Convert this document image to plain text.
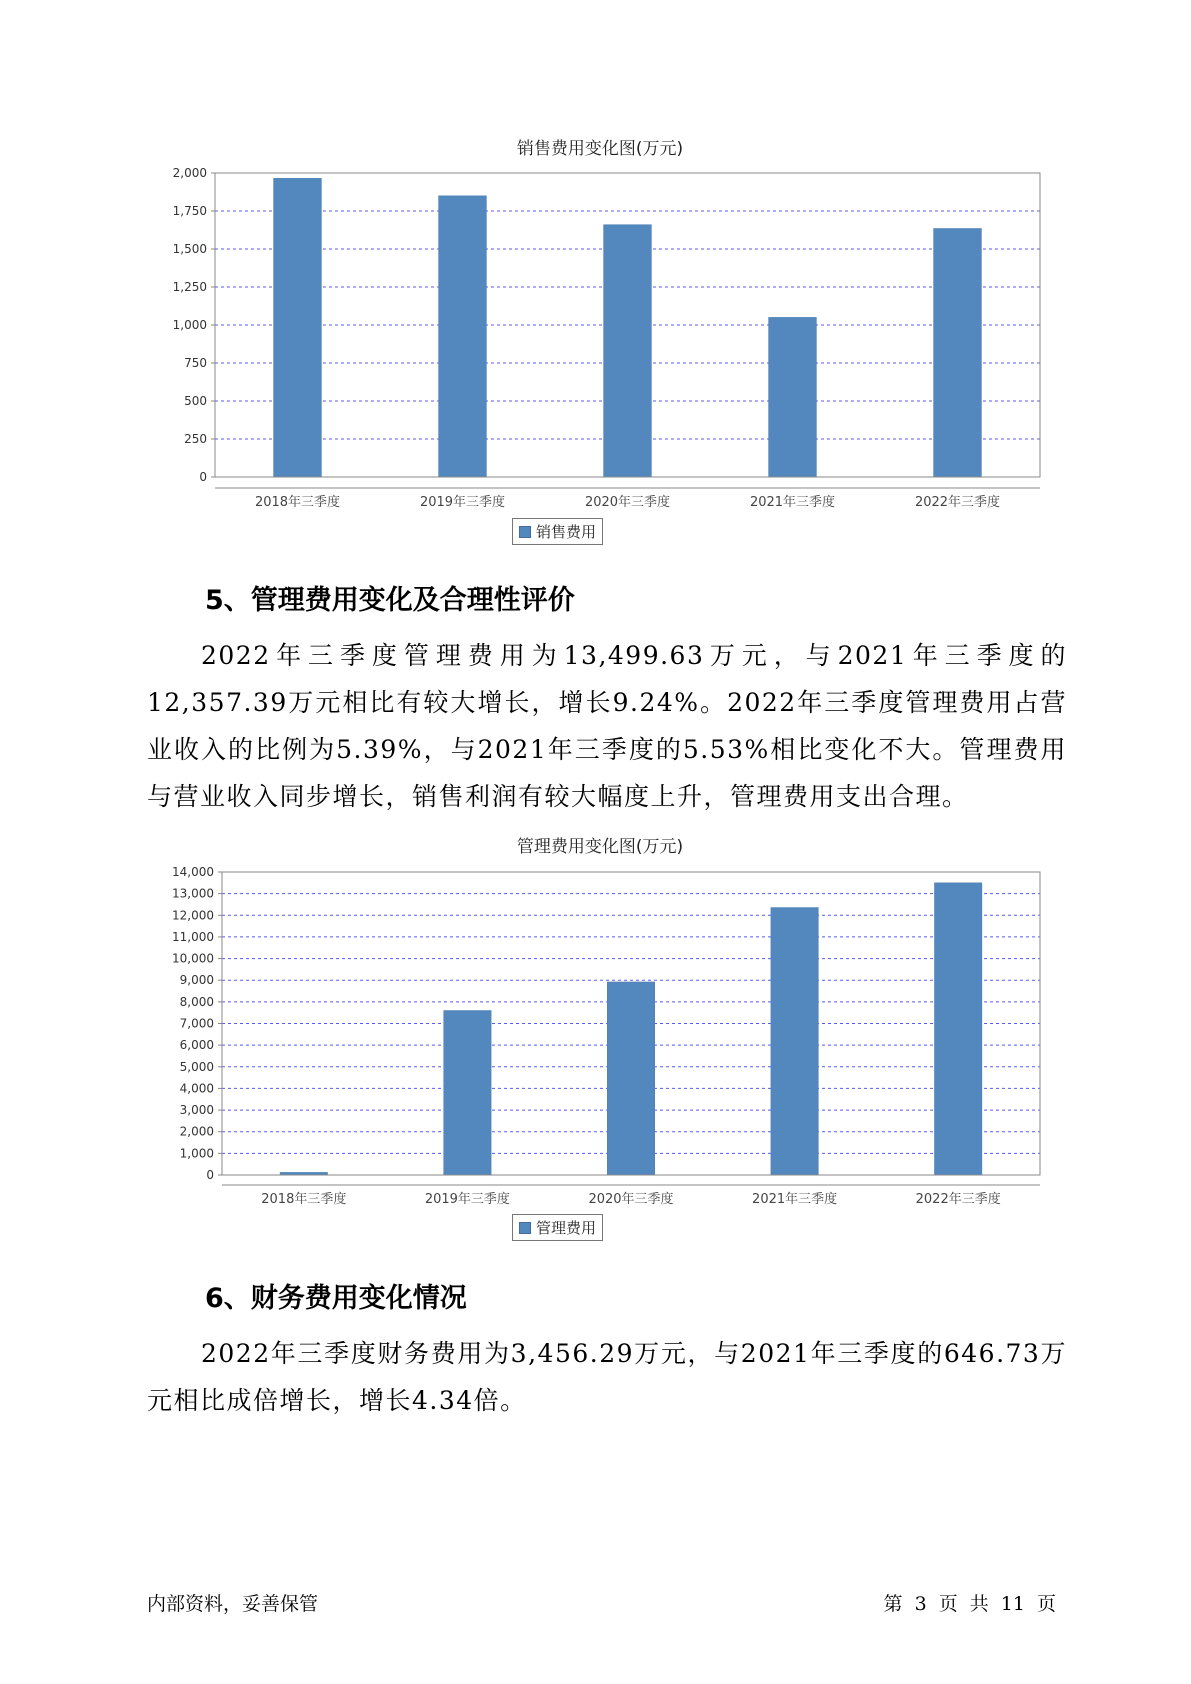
销售费用变化图(万元)
0
250
500
750
1,000
1,250
1,500
1,750
2,000
2018年三季度	2019年三季度	2020年三季度	2021年三季度	2022年三季度
销售费用
5、管理费用变化及合理性评价

2022年三季度管理费用为13,499.63万元，与2021年三季度的12,357.39万元相比有较大增长，增长9.24%。2022年三季度管理费用占营业收入的比例为5.39%，与2021年三季度的5.53%相比变化不大。管理费用与营业收入同步增长，销售利润有较大幅度上升，管理费用支出合理。

管理费用变化图(万元)
0
1,000
2,000
3,000
4,000
5,000
6,000
7,000
8,000
9,000
10,000
11,000
12,000
13,000
14,000
2018年三季度	2019年三季度	2020年三季度	2021年三季度	2022年三季度
管理费用
6、财务费用变化情况

2022年三季度财务费用为3,456.29万元，与2021年三季度的646.73万元相比成倍增长，增长4.34倍。

内部资料，妥善保管	第 3 页 共 11 页
